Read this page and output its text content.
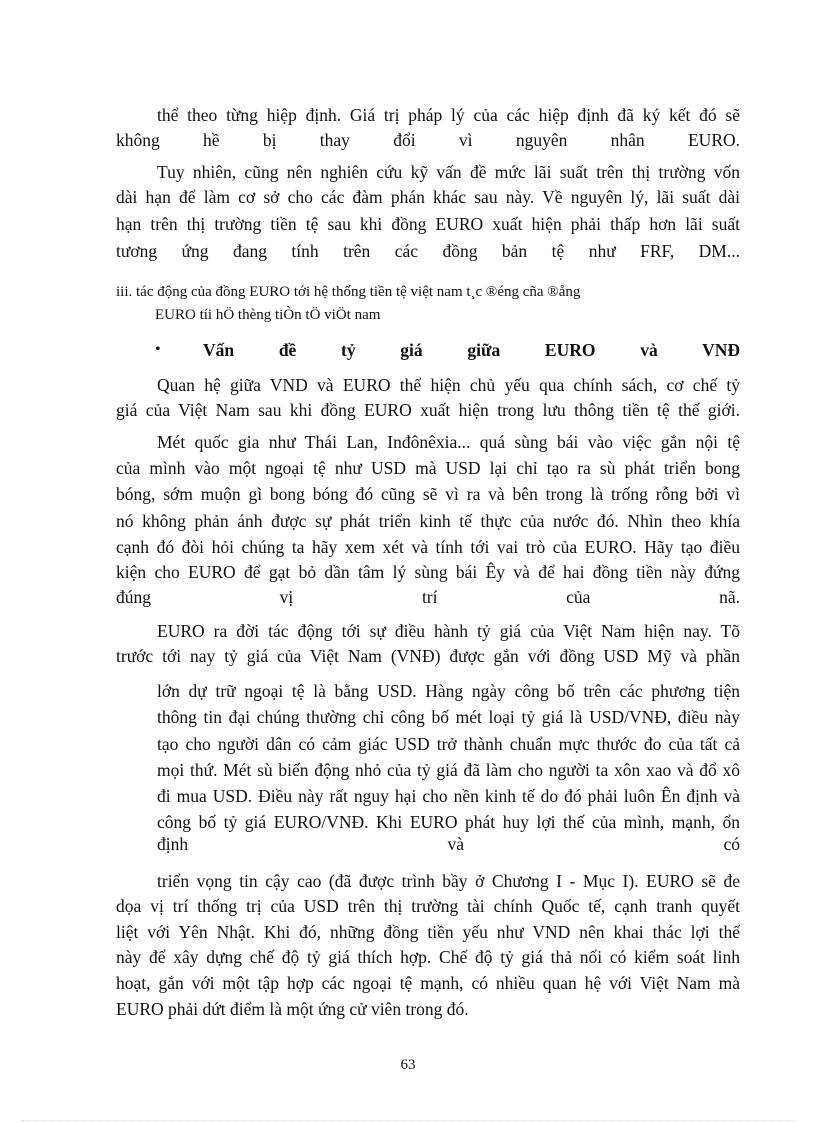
thể theo từng hiệp định. Giá trị pháp lý của các hiệp định đã ký kết đó sẽ
không hề bị thay đổi vì nguyên nhân EURO.
Tuy nhiên, cũng nên nghiên cứu kỹ vấn đề mức lãi suất trên thị trường vốn
dài hạn để làm cơ sở cho các đàm phán khác sau này. Về nguyên lý, lãi suất dài
hạn trên thị trường tiền tệ sau khi đồng EURO xuất hiện phải thấp hơn lãi suất
tương ứng đang tính trên các đồng bản tệ như FRF, DM...
iii. tác động của đồng EURO tới hệ thống tiền tệ việt nam t¸c ®éng cña ®ång
EURO tíi hÖ thèng tiÒn tÖ viÖt nam
• Vấn đề tỷ giá giữa EURO và VNĐ
Quan hệ giữa VND và EURO thể hiện chủ yếu qua chính sách, cơ chế tỷ
giá của Việt Nam sau khi đồng EURO xuất hiện trong lưu thông tiền tệ thế giới.
Mét quốc gia như Thái Lan, Inđônêxia... quá sùng bái vào việc gắn nội tệ
của mình vào một ngoại tệ như USD mà USD lại chỉ tạo ra sù phát triển bong
bóng, sớm muộn gì bong bóng đó cũng sẽ vì ra và bên trong là trống rỗng bởi vì
nó không phản ánh được sự phát triển kinh tế thực của nước đó. Nhìn theo khía
cạnh đó đòi hỏi chúng ta hãy xem xét và tính tới vai trò của EURO. Hãy tạo điều
kiện cho EURO để gạt bỏ dần tâm lý sùng bái Êy và để hai đồng tiền này đứng
đúng vị trí của nã.
EURO ra đời tác động tới sự điều hành tỷ giá của Việt Nam hiện nay. Tõ
trước tới nay tỷ giá của Việt Nam (VNĐ) được gắn với đồng USD Mỹ và phần
lớn dự trữ ngoại tệ là bằng USD. Hàng ngày công bố trên các phương tiện
thông tin đại chúng thường chỉ công bố mét loại tỷ giá là USD/VNĐ, điều này
tạo cho người dân có cảm giác USD trở thành chuẩn mực thước đo của tất cả
mọi thứ. Mét sù biến động nhỏ của tỷ giá đã làm cho người ta xôn xao và đổ xô
đi mua USD. Điều này rất nguy hại cho nền kinh tế do đó phải luôn Ên định và
công bố tỷ giá EURO/VNĐ. Khi EURO phát huy lợi thế của mình, mạnh, ổn
định và có
triển vọng tin cậy cao (đã được trình bầy ở Chương I - Mục I). EURO sẽ đe
dọa vị trí thống trị của USD trên thị trường tài chính Quốc tế, cạnh tranh quyết
liệt với Yên Nhật. Khi đó, những đồng tiền yếu như VND nên khai thác lợi thế
này để xây dựng chế độ tỷ giá thích hợp. Chế độ tỷ giá thả nổi có kiểm soát linh
hoạt, gắn với một tập hợp các ngoại tệ mạnh, có nhiều quan hệ với Việt Nam mà
EURO phải dứt điểm là một ứng cử viên trong đó.
63
